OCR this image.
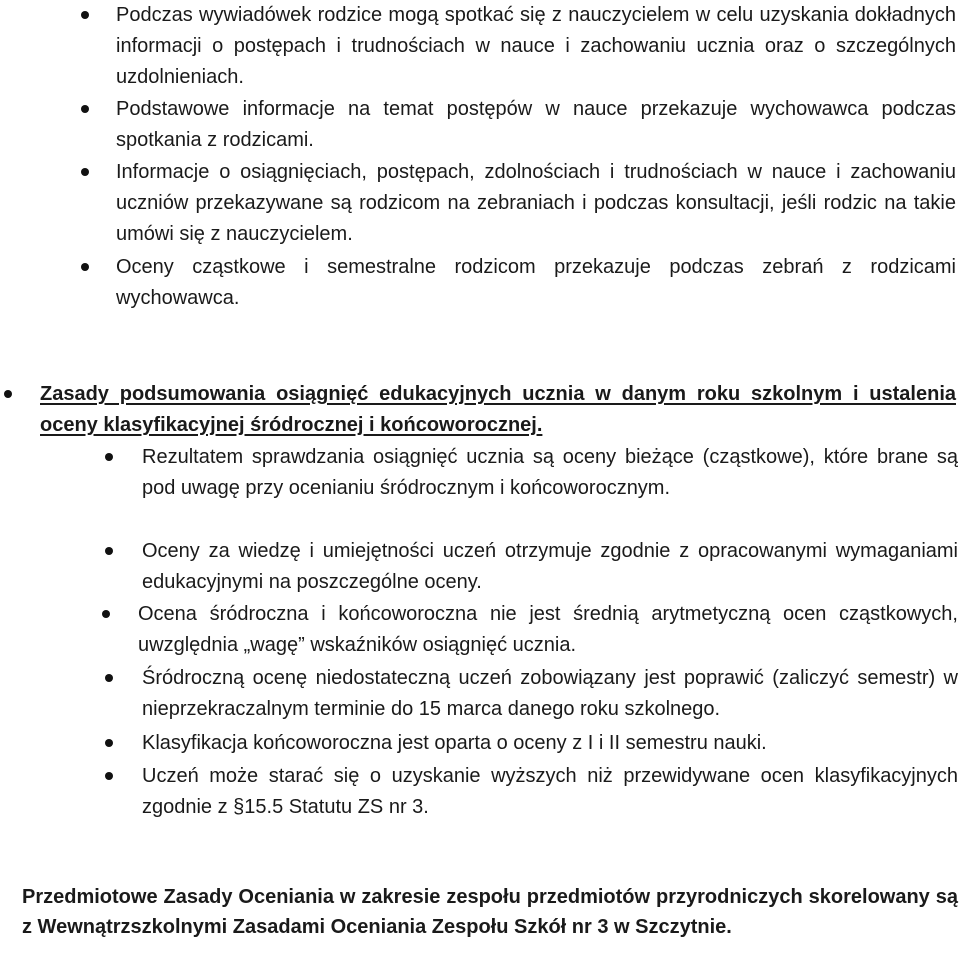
Podczas wywiadówek rodzice mogą spotkać się z nauczycielem w celu uzyskania dokładnych informacji o postępach i trudnościach w nauce i zachowaniu ucznia oraz o szczególnych uzdolnieniach.
Podstawowe informacje na temat postępów w nauce przekazuje wychowawca podczas spotkania z rodzicami.
Informacje o osiągnięciach, postępach, zdolnościach i trudnościach w nauce i zachowaniu uczniów przekazywane są rodzicom na zebraniach i podczas konsultacji, jeśli rodzic na takie umówi się z nauczycielem.
Oceny cząstkowe i semestralne rodzicom przekazuje podczas zebrań z rodzicami wychowawca.
Zasady podsumowania osiągnięć edukacyjnych ucznia w danym roku szkolnym i ustalenia oceny klasyfikacyjnej śródrocznej i końcoworocznej.
Rezultatem sprawdzania osiągnięć ucznia są oceny bieżące (cząstkowe), które brane są pod uwagę przy ocenianiu śródrocznym i końcoworocznym.
Oceny za wiedzę i umiejętności uczeń otrzymuje zgodnie z opracowanymi wymaganiami edukacyjnymi na poszczególne oceny.
Ocena śródroczna i końcoworoczna nie jest średnią arytmetyczną ocen cząstkowych, uwzględnia „wagę” wskaźników osiągnięć ucznia.
Śródroczną ocenę niedostateczną uczeń zobowiązany jest poprawić (zaliczyć semestr) w nieprzekraczalnym terminie do 15 marca danego roku szkolnego.
Klasyfikacja końcoworoczna jest oparta o oceny z I i II semestru nauki.
Uczeń może starać się o uzyskanie wyższych niż przewidywane ocen klasyfikacyjnych zgodnie z §15.5 Statutu ZS nr 3.
Przedmiotowe Zasady Oceniania w zakresie zespołu przedmiotów przyrodniczych skorelowany są z Wewnątrzszkolnymi Zasadami Oceniania Zespołu Szkół nr 3 w Szczytnie.
